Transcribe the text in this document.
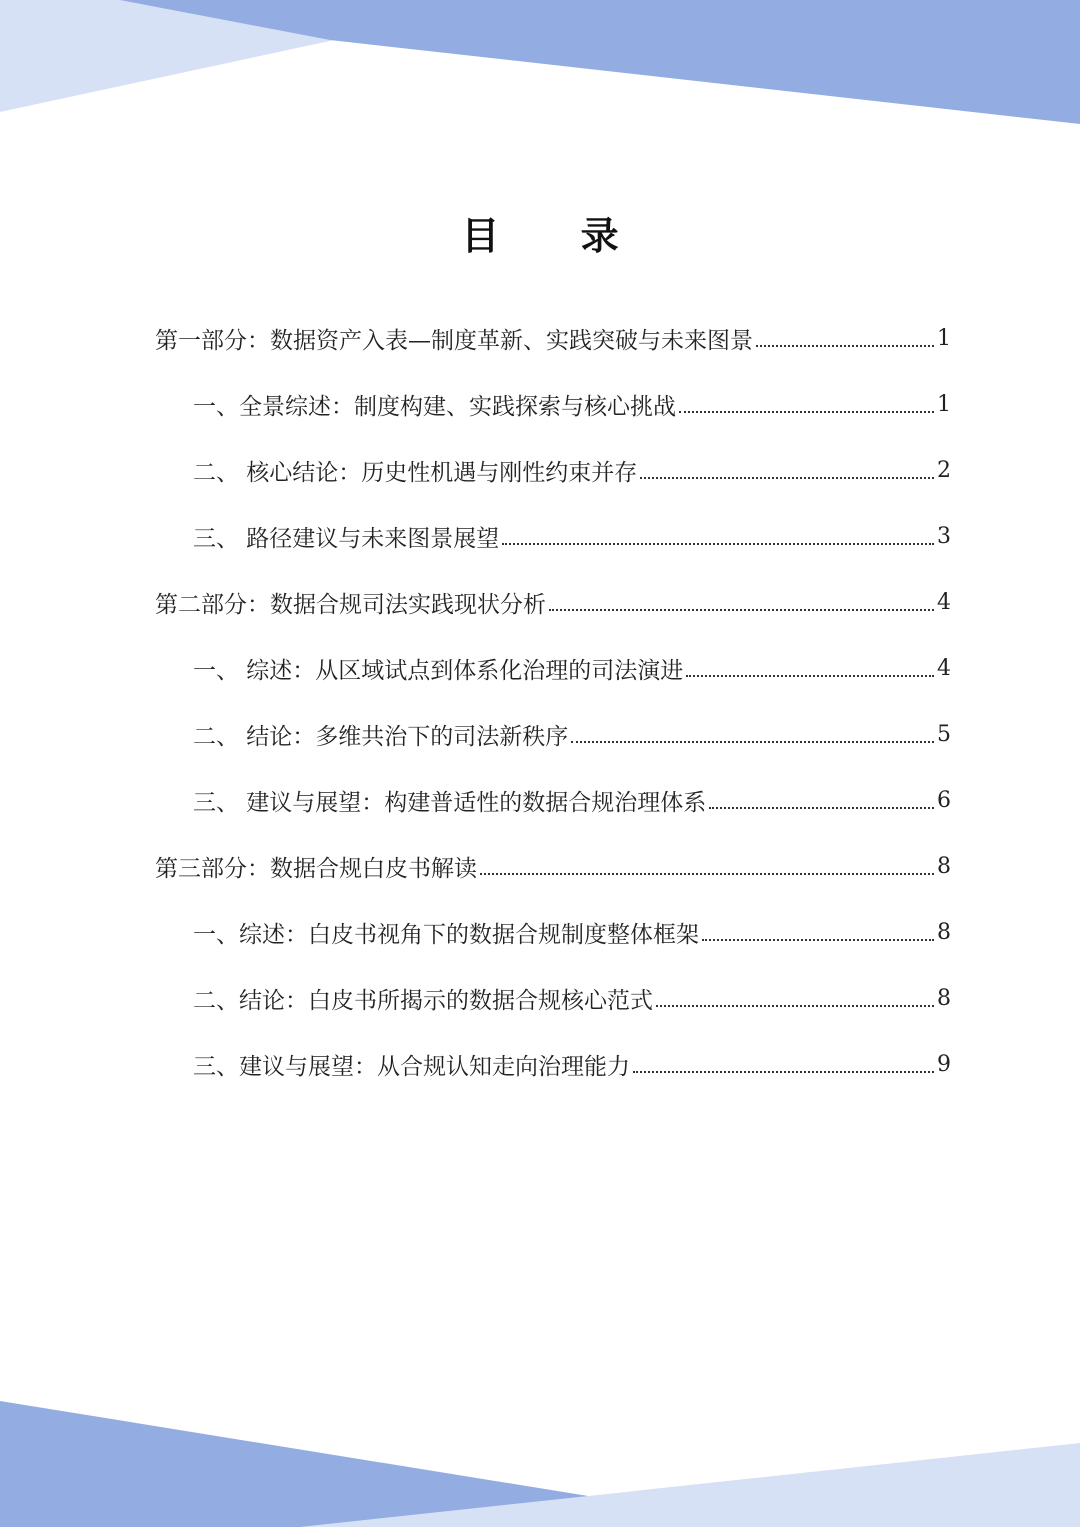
目 录
第一部分：数据资产入表—制度革新、实践突破与未来图景	1
一、全景综述：制度构建、实践探索与核心挑战	1
二、 核心结论：历史性机遇与刚性约束并存	2
三、 路径建议与未来图景展望	3
第二部分：数据合规司法实践现状分析	4
一、 综述：从区域试点到体系化治理的司法演进	4
二、 结论：多维共治下的司法新秩序	5
三、 建议与展望：构建普适性的数据合规治理体系	6
第三部分：数据合规白皮书解读	8
一、综述：白皮书视角下的数据合规制度整体框架	8
二、结论：白皮书所揭示的数据合规核心范式	8
三、建议与展望：从合规认知走向治理能力	9
